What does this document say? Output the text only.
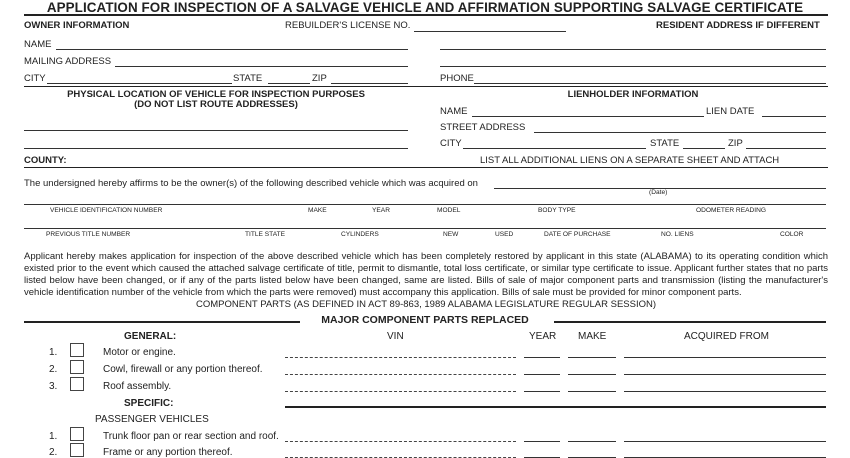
APPLICATION FOR INSPECTION OF A SALVAGE VEHICLE AND AFFIRMATION SUPPORTING SALVAGE CERTIFICATE
OWNER INFORMATION	REBUILDER'S LICENSE NO.	RESIDENT ADDRESS IF DIFFERENT
NAME
MAILING ADDRESS
CITY	STATE	ZIP	PHONE
PHYSICAL LOCATION OF VEHICLE FOR INSPECTION PURPOSES
(DO NOT LIST ROUTE ADDRESSES)
COUNTY:
LIENHOLDER INFORMATION
NAME	LIEN DATE
STREET ADDRESS
CITY	STATE	ZIP
LIST ALL ADDITIONAL LIENS ON A SEPARATE SHEET AND ATTACH
The undersigned hereby affirms to be the owner(s) of the following described vehicle which was acquired on
(Date)
VEHICLE IDENTIFICATION NUMBER	MAKE	YEAR	MODEL	BODY TYPE	ODOMETER READING
PREVIOUS TITLE NUMBER	TITLE STATE	CYLINDERS	NEW	USED	DATE OF PURCHASE	NO. LIENS	COLOR
Applicant hereby makes application for inspection of the above described vehicle which has been completely restored by applicant in this state (ALABAMA) to its operating condition which existed prior to the event which caused the attached salvage certificate of title, permit to dismantle, total loss certificate, or similar type certificate to issue. Applicant further states that no parts listed below have been changed, or if any of the parts listed below have been changed, same are listed. Bills of sale of major component parts and transmission (listing the manufacturer's vehicle identification number of the vehicle from which the parts were removed) must accompany this application. Bills of sale must be provided for minor component parts.
COMPONENT PARTS (AS DEFINED IN ACT 89-863, 1989 ALABAMA LEGISLATURE REGULAR SESSION)
MAJOR COMPONENT PARTS REPLACED
GENERAL:	VIN	YEAR MAKE	ACQUIRED FROM
1.	Motor or engine.
2.	Cowl, firewall or any portion thereof.
3.	Roof assembly.
SPECIFIC:
PASSENGER VEHICLES
1.	Trunk floor pan or rear section and roof.
2.	Frame or any portion thereof.
